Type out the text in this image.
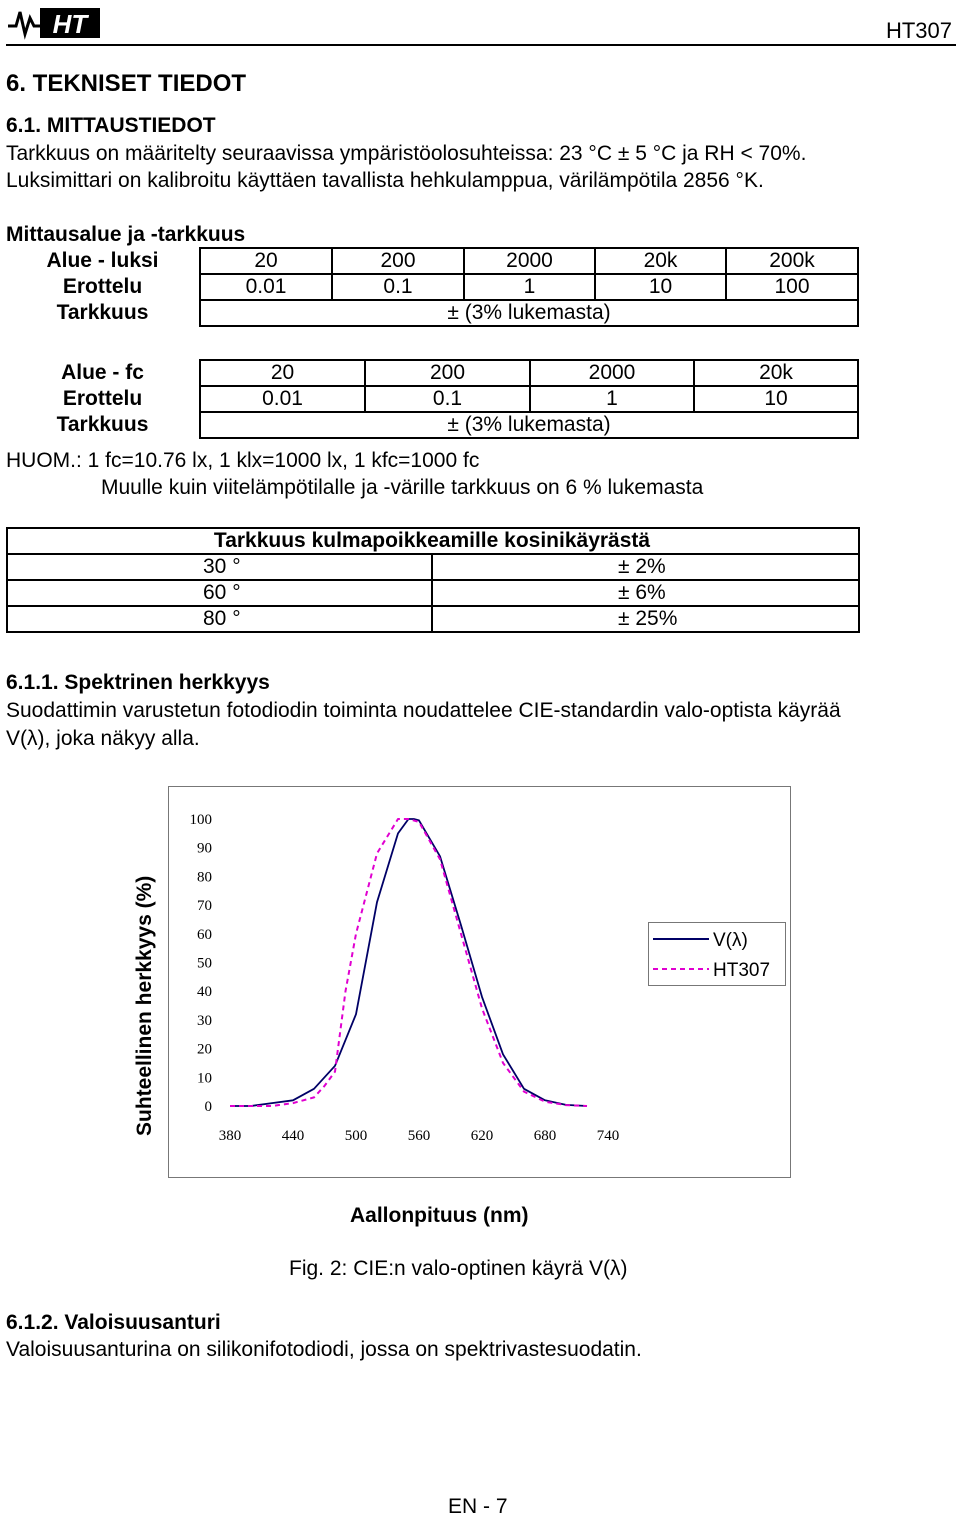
HT	HT307
6. TEKNISET TIEDOT
6.1. MITTAUSTIEDOT
Tarkkuus on määritelty seuraavissa ympäristöolosuhteissa: 23 °C ± 5 °C ja RH < 70%.
Luksimittari on kalibroitu käyttäen tavallista hehkulamppua, värilämpötila 2856 °K.
Mittausalue ja -tarkkuus
Alue - luksi	20	200	2000	20k	200k
Erottelu	0.01	0.1	1	10	100
Tarkkuus	± (3% lukemasta)				
Alue - fc	20	200	2000	20k
Erottelu	0.01	0.1	1	10
Tarkkuus	± (3% lukemasta)			
HUOM.: 1 fc=10.76 lx, 1 klx=1000 lx, 1 kfc=1000 fc
Muulle kuin viitelämpötilalle ja -värille tarkkuus on 6 % lukemasta
Tarkkuus kulmapoikkeamille kosinikäyrästä	
30 °	± 2%
60 °	± 6%
80 °	± 25%
6.1.1. Spektrinen herkkyys
Suodattimin varustetun fotodiodin toiminta noudattelee CIE-standardin valo-optista käyrää
V(λ), joka näkyy alla.
Suhteellinen herkkyys (%)	0
10
20
30
40
50
60
70
80
90
100
380	440	500	560	620	680	740
V(λ)
HT307
Aallonpituus (nm)
Fig. 2: CIE:n valo-optinen käyrä V(λ)
6.1.2. Valoisuusanturi
Valoisuusanturina on silikonifotodiodi, jossa on spektrivastesuodatin.
EN - 7
